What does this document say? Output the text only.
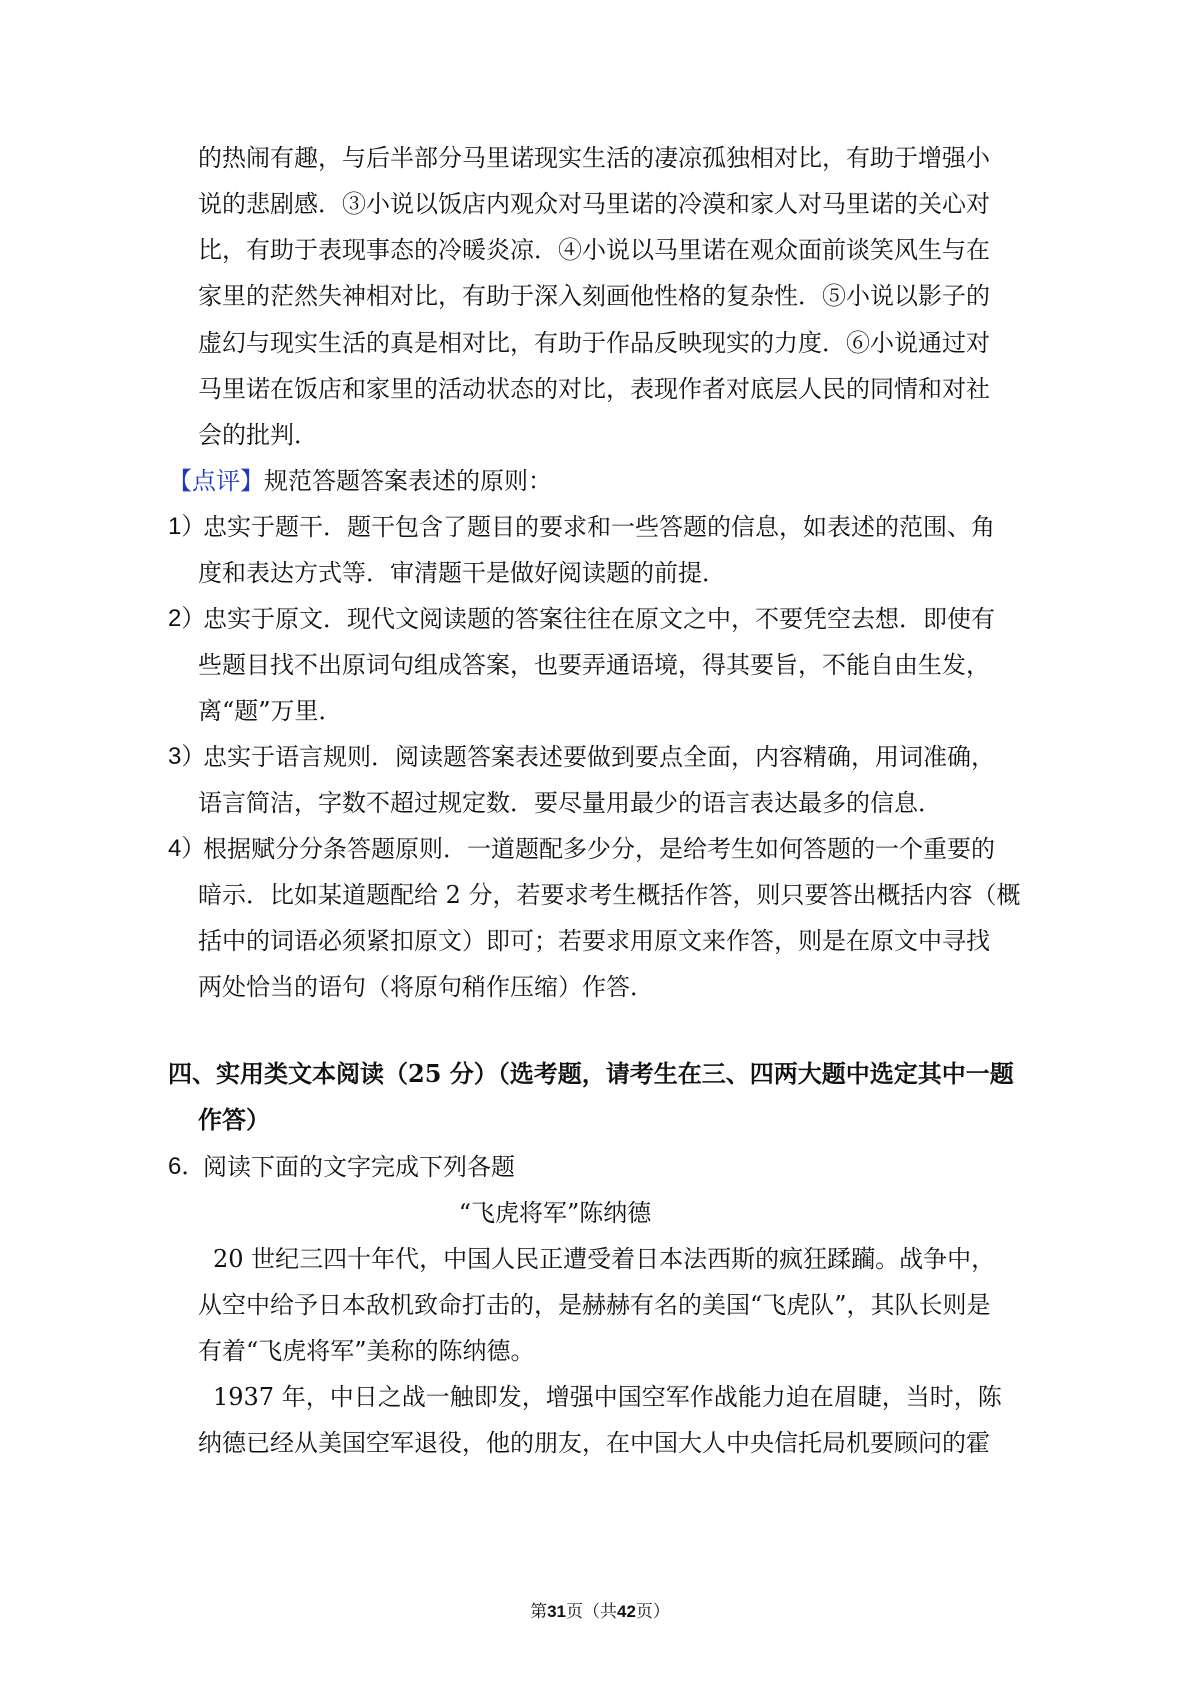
的热闹有趣，与后半部分马里诺现实生活的凄凉孤独相对比，有助于增强小
说的悲剧感．③小说以饭店内观众对马里诺的冷漠和家人对马里诺的关心对
比，有助于表现事态的冷暖炎凉．④小说以马里诺在观众面前谈笑风生与在
家里的茫然失神相对比，有助于深入刻画他性格的复杂性．⑤小说以影子的
虚幻与现实生活的真是相对比，有助于作品反映现实的力度．⑥小说通过对
马里诺在饭店和家里的活动状态的对比，表现作者对底层人民的同情和对社
会的批判．
【点评】规范答题答案表述的原则：
1）
忠实于题干．题干包含了题目的要求和一些答题的信息，如表述的范围、角
度和表达方式等．审清题干是做好阅读题的前提．
2）
忠实于原文．现代文阅读题的答案往往在原文之中，不要凭空去想．即使有
些题目找不出原词句组成答案，也要弄通语境，得其要旨，不能自由生发，
离“题”万里．
3）
忠实于语言规则．阅读题答案表述要做到要点全面，内容精确，用词准确，
语言简洁，字数不超过规定数．要尽量用最少的语言表达最多的信息．
4）
根据赋分分条答题原则．一道题配多少分，是给考生如何答题的一个重要的
暗示．比如某道题配给 2 分，若要求考生概括作答，则只要答出概括内容（概
括中的词语必须紧扣原文）即可；若要求用原文来作答，则是在原文中寻找
两处恰当的语句（将原句稍作压缩）作答．
四、实用类文本阅读（25 分）（选考题，请考生在三、四两大题中选定其中一题
作答）
6．
阅读下面的文字完成下列各题
“飞虎将军”陈纳德
20 世纪三四十年代，中国人民正遭受着日本法西斯的疯狂蹂躏。战争中，
从空中给予日本敌机致命打击的，是赫赫有名的美国“飞虎队”，其队长则是
有着“飞虎将军”美称的陈纳德。
1937 年，中日之战一触即发，增强中国空军作战能力迫在眉睫，当时，陈
纳德已经从美国空军退役，他的朋友，在中国大人中央信托局机要顾问的霍
第31页（共42页）
